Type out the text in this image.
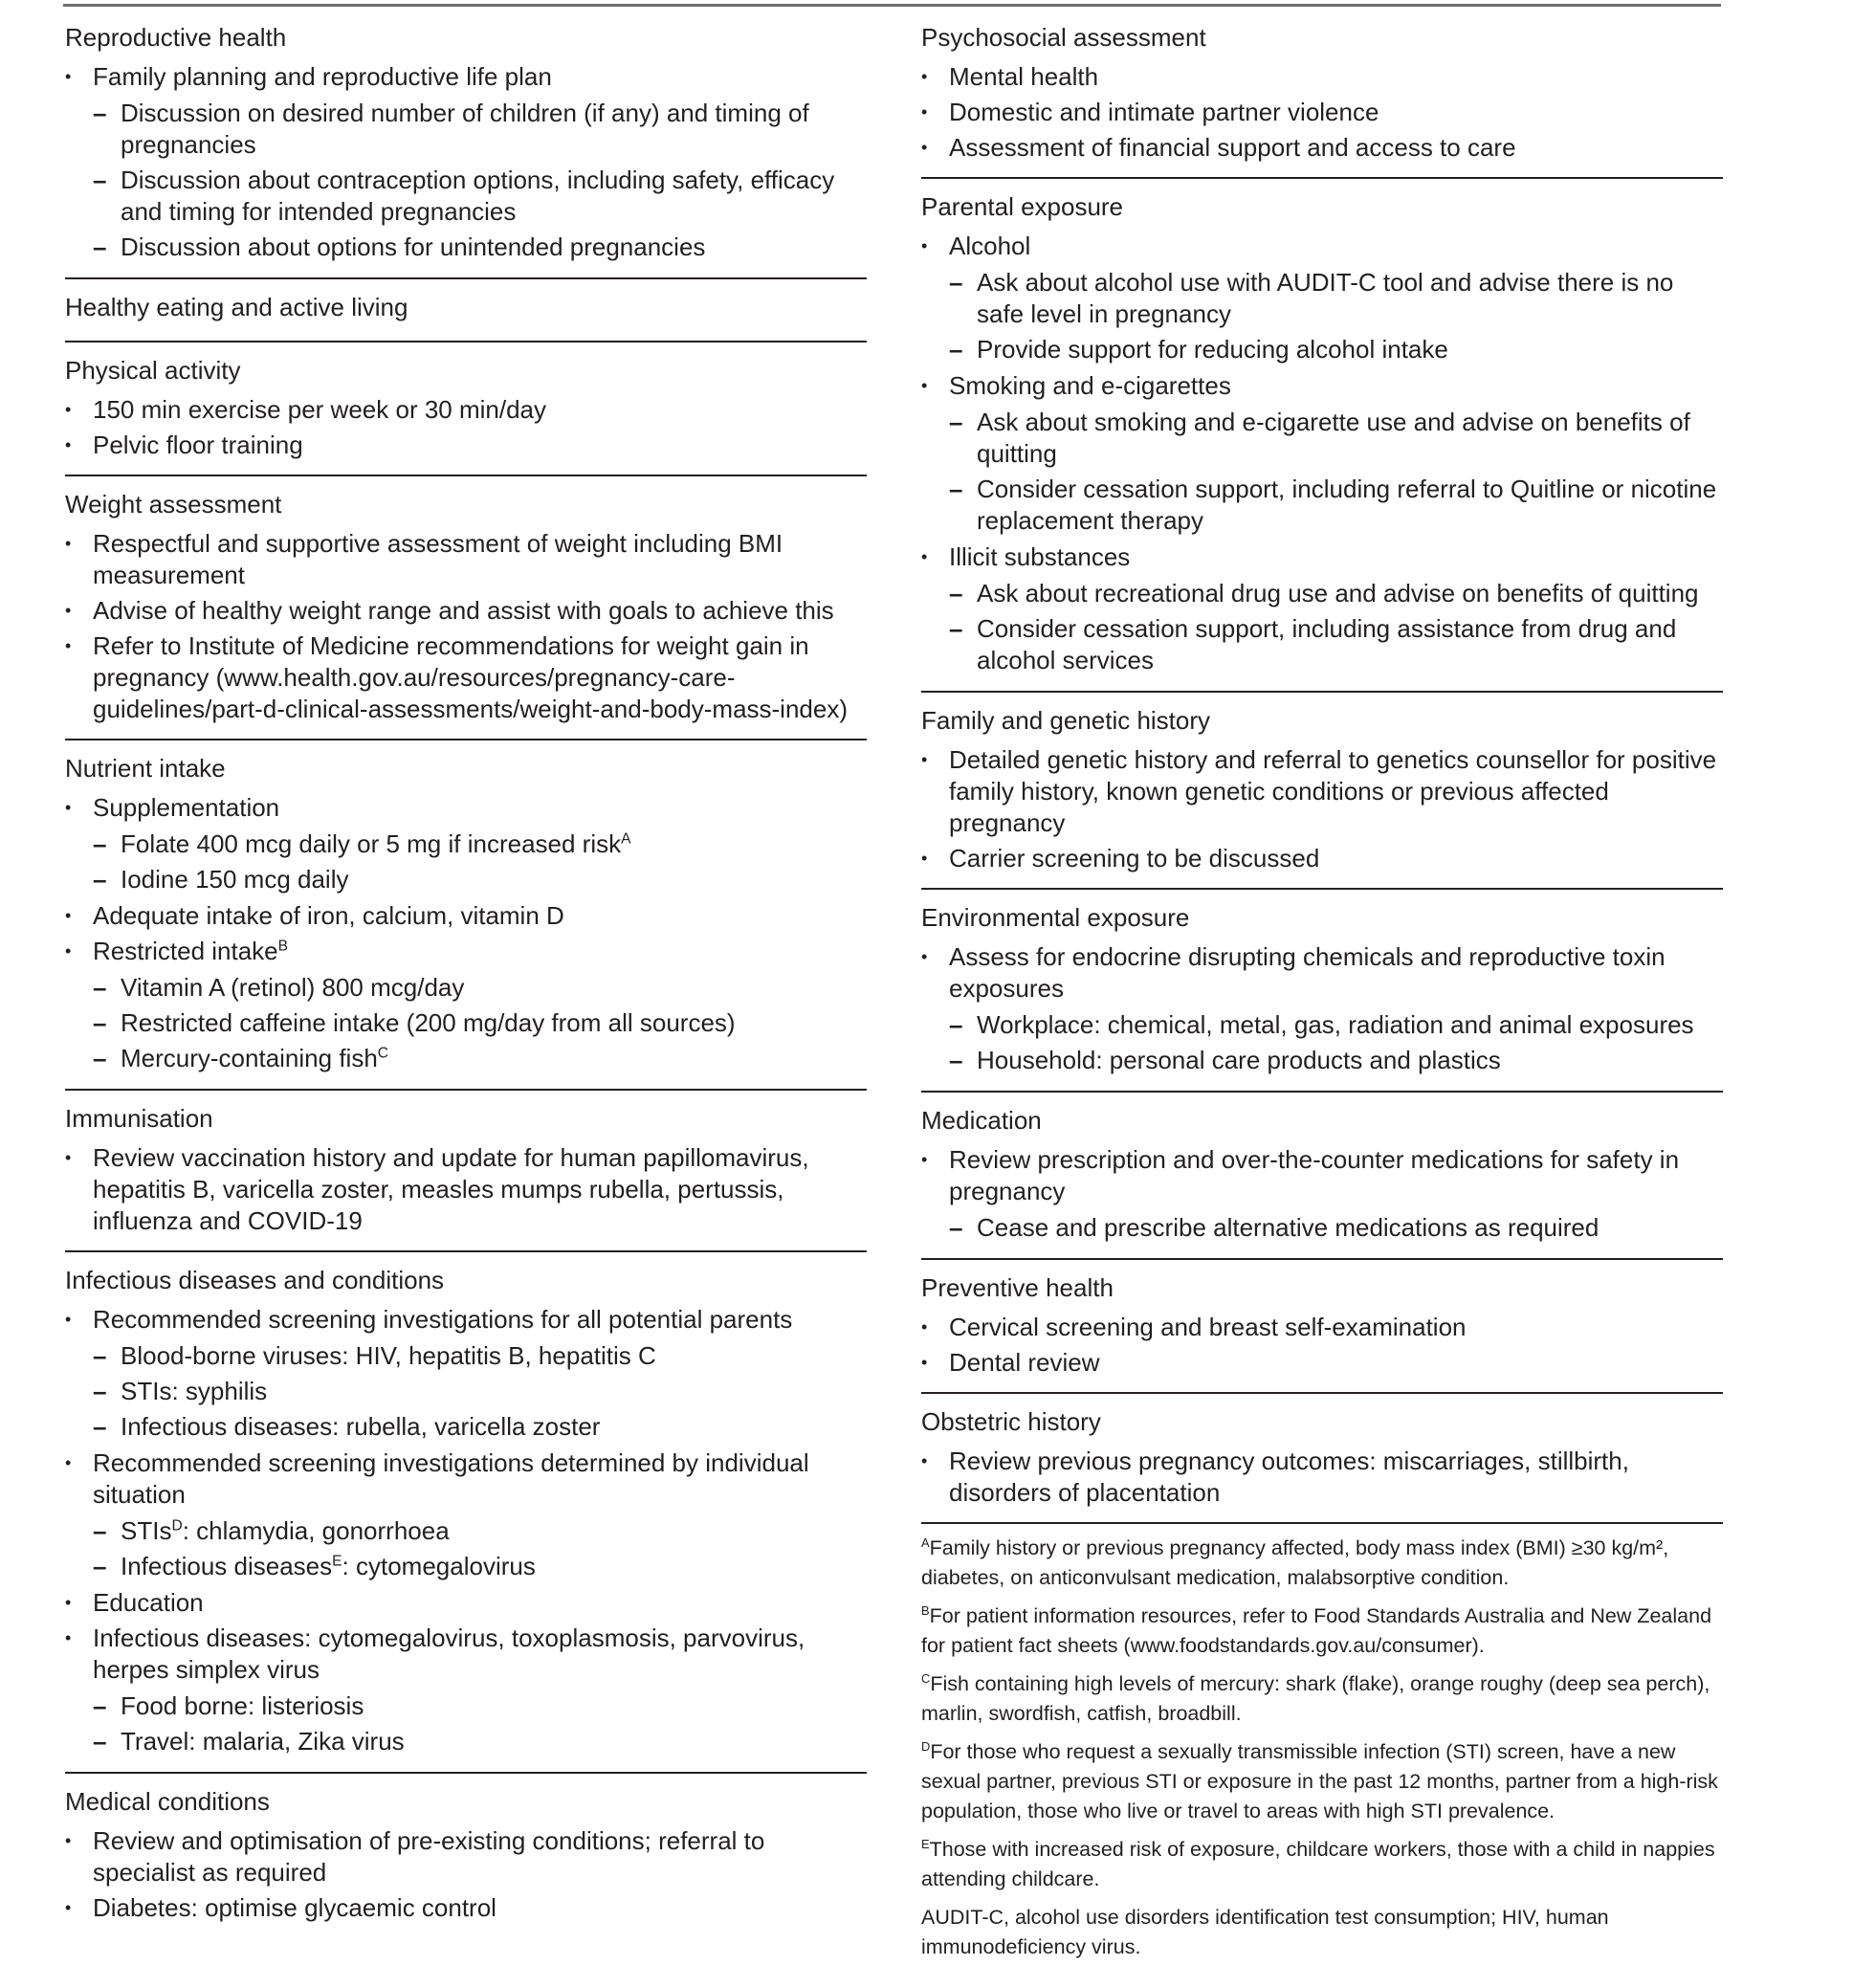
Reproductive health
• Family planning and reproductive life plan
– Discussion on desired number of children (if any) and timing of pregnancies
– Discussion about contraception options, including safety, efficacy and timing for intended pregnancies
– Discussion about options for unintended pregnancies
Healthy eating and active living
Physical activity
• 150 min exercise per week or 30 min/day
• Pelvic floor training
Weight assessment
• Respectful and supportive assessment of weight including BMI measurement
• Advise of healthy weight range and assist with goals to achieve this
• Refer to Institute of Medicine recommendations for weight gain in pregnancy (www.health.gov.au/resources/pregnancy-care-guidelines/part-d-clinical-assessments/weight-and-body-mass-index)
Nutrient intake
• Supplementation
– Folate 400 mcg daily or 5 mg if increased risk$^A$
– Iodine 150 mcg daily
• Adequate intake of iron, calcium, vitamin D
• Restricted intake$^B$
– Vitamin A (retinol) 800 mcg/day
– Restricted caffeine intake (200 mg/day from all sources)
– Mercury-containing fish$^C$
Immunisation
• Review vaccination history and update for human papillomavirus, hepatitis B, varicella zoster, measles mumps rubella, pertussis, influenza and COVID-19
Infectious diseases and conditions
• Recommended screening investigations for all potential parents
– Blood-borne viruses: HIV, hepatitis B, hepatitis C
– STIs: syphilis
– Infectious diseases: rubella, varicella zoster
• Recommended screening investigations determined by individual situation
– STIs$^D$: chlamydia, gonorrhoea
– Infectious diseases$^E$: cytomegalovirus
• Education
• Infectious diseases: cytomegalovirus, toxoplasmosis, parvovirus, herpes simplex virus
– Food borne: listeriosis
– Travel: malaria, Zika virus
Medical conditions
• Review and optimisation of pre-existing conditions; referral to specialist as required
• Diabetes: optimise glycaemic control
Psychosocial assessment
• Mental health
• Domestic and intimate partner violence
• Assessment of financial support and access to care
Parental exposure
• Alcohol
– Ask about alcohol use with AUDIT-C tool and advise there is no safe level in pregnancy
– Provide support for reducing alcohol intake
• Smoking and e-cigarettes
– Ask about smoking and e-cigarette use and advise on benefits of quitting
– Consider cessation support, including referral to Quitline or nicotine replacement therapy
• Illicit substances
– Ask about recreational drug use and advise on benefits of quitting
– Consider cessation support, including assistance from drug and alcohol services
Family and genetic history
• Detailed genetic history and referral to genetics counsellor for positive family history, known genetic conditions or previous affected pregnancy
• Carrier screening to be discussed
Environmental exposure
• Assess for endocrine disrupting chemicals and reproductive toxin exposures
– Workplace: chemical, metal, gas, radiation and animal exposures
– Household: personal care products and plastics
Medication
• Review prescription and over-the-counter medications for safety in pregnancy
– Cease and prescribe alternative medications as required
Preventive health
• Cervical screening and breast self-examination
• Dental review
Obstetric history
• Review previous pregnancy outcomes: miscarriages, stillbirth, disorders of placentation
$^A$Family history or previous pregnancy affected, body mass index (BMI) ≥30 kg/m², diabetes, on anticonvulsant medication, malabsorptive condition.
$^B$For patient information resources, refer to Food Standards Australia and New Zealand for patient fact sheets (www.foodstandards.gov.au/consumer).
$^C$Fish containing high levels of mercury: shark (flake), orange roughy (deep sea perch), marlin, swordfish, catfish, broadbill.
$^D$For those who request a sexually transmissible infection (STI) screen, have a new sexual partner, previous STI or exposure in the past 12 months, partner from a high-risk population, those who live or travel to areas with high STI prevalence.
$^E$Those with increased risk of exposure, childcare workers, those with a child in nappies attending childcare.
AUDIT-C, alcohol use disorders identification test consumption; HIV, human immunodeficiency virus.
